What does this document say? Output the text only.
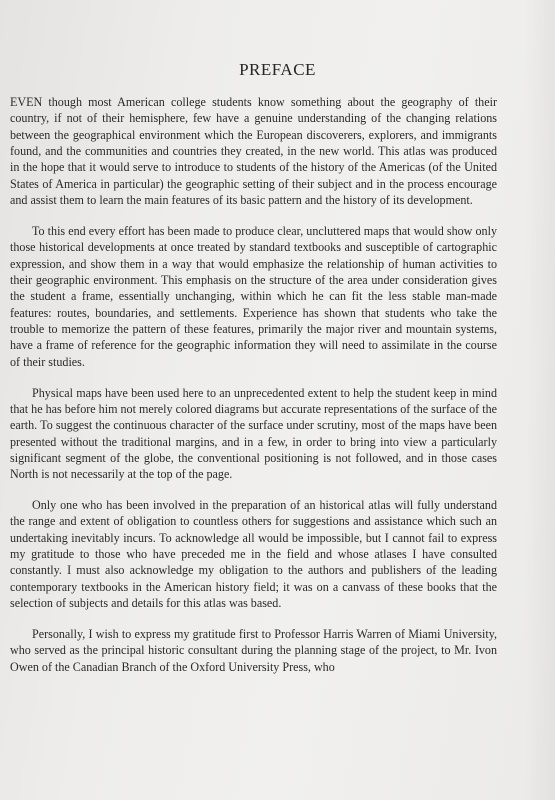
PREFACE

EVEN though most American college students know something about the geography of their country, if not of their hemisphere, few have a genuine understanding of the changing relations between the geographical environment which the European discoverers, explorers, and immigrants found, and the communities and countries they created, in the new world. This atlas was produced in the hope that it would serve to introduce to students of the history of the Americas (of the United States of America in particular) the geographic setting of their subject and in the process encourage and assist them to learn the main features of its basic pattern and the history of its development.

To this end every effort has been made to produce clear, uncluttered maps that would show only those historical developments at once treated by standard textbooks and susceptible of cartographic expression, and show them in a way that would emphasize the relationship of human activities to their geographic environment. This emphasis on the structure of the area under consideration gives the student a frame, essentially unchanging, within which he can fit the less stable man-made features: routes, boundaries, and settlements. Experience has shown that students who take the trouble to memorize the pattern of these features, primarily the major river and mountain systems, have a frame of reference for the geographic information they will need to assimilate in the course of their studies.

Physical maps have been used here to an unprecedented extent to help the student keep in mind that he has before him not merely colored diagrams but accurate representations of the surface of the earth. To suggest the continuous character of the surface under scrutiny, most of the maps have been presented without the traditional margins, and in a few, in order to bring into view a particularly significant segment of the globe, the conventional positioning is not followed, and in those cases North is not necessarily at the top of the page.

Only one who has been involved in the preparation of an historical atlas will fully understand the range and extent of obligation to countless others for suggestions and assistance which such an undertaking inevitably incurs. To acknowledge all would be impossible, but I cannot fail to express my gratitude to those who have preceded me in the field and whose atlases I have consulted constantly. I must also acknowledge my obligation to the authors and publishers of the leading contemporary textbooks in the American history field; it was on a canvass of these books that the selection of subjects and details for this atlas was based.

Personally, I wish to express my gratitude first to Professor Harris Warren of Miami University, who served as the principal historic consultant during the planning stage of the project, to Mr. Ivon Owen of the Canadian Branch of the Oxford University Press, who
